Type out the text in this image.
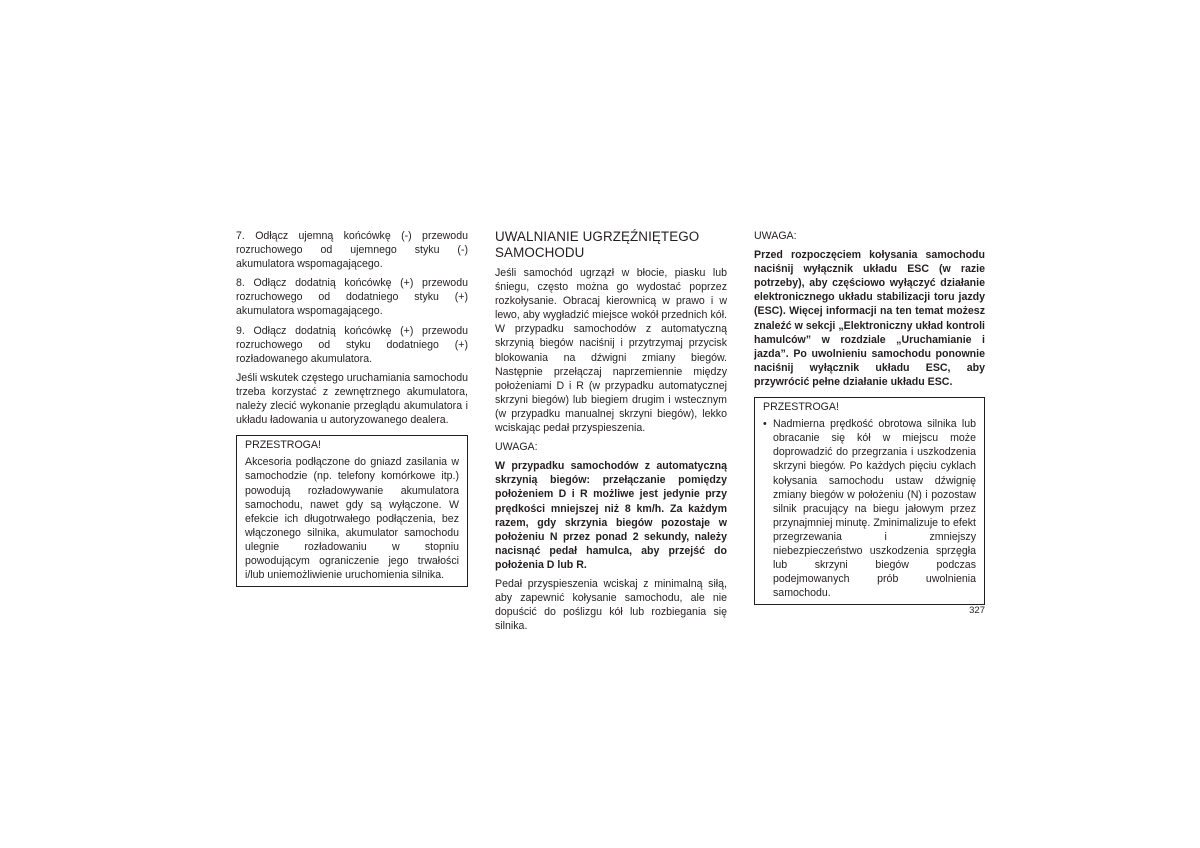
7. Odłącz ujemną końcówkę (-) przewodu rozruchowego od ujemnego styku (-) akumulatora wspomagającego.

8. Odłącz dodatnią końcówkę (+) przewodu rozruchowego od dodatniego styku (+) akumulatora wspomagającego.

9. Odłącz dodatnią końcówkę (+) przewodu rozruchowego od styku dodatniego (+) rozładowanego akumulatora.

Jeśli wskutek częstego uruchamiania samochodu trzeba korzystać z zewnętrznego akumulatora, należy zlecić wykonanie przeglądu akumulatora i układu ładowania u autoryzowanego dealera.

PRZESTROGA!

Akcesoria podłączone do gniazd zasilania w samochodzie (np. telefony komórkowe itp.) powodują rozładowywanie akumulatora samochodu, nawet gdy są wyłączone. W efekcie ich długotrwałego podłączenia, bez włączonego silnika, akumulator samochodu ulegnie rozładowaniu w stopniu powodującym ograniczenie jego trwałości i/lub uniemożliwienie uruchomienia silnika.

UWALNIANIE UGRZĘŹNIĘTEGO SAMOCHODU

Jeśli samochód ugrzązł w błocie, piasku lub śniegu, często można go wydostać poprzez rozkołysanie. Obracaj kierownicą w prawo i w lewo, aby wygładzić miejsce wokół przednich kół. W przypadku samochodów z automatyczną skrzynią biegów naciśnij i przytrzymaj przycisk blokowania na dźwigni zmiany biegów. Następnie przełączaj naprzemiennie między położeniami D i R (w przypadku automatycznej skrzyni biegów) lub biegiem drugim i wstecznym (w przypadku manualnej skrzyni biegów), lekko wciskając pedał przyspieszenia.

UWAGA:

W przypadku samochodów z automatyczną skrzynią biegów: przełączanie pomiędzy położeniem D i R możliwe jest jedynie przy prędkości mniejszej niż 8 km/h. Za każdym razem, gdy skrzynia biegów pozostaje w położeniu N przez ponad 2 sekundy, należy nacisnąć pedał hamulca, aby przejść do położenia D lub R.

Pedał przyspieszenia wciskaj z minimalną siłą, aby zapewnić kołysanie samochodu, ale nie dopuścić do poślizgu kół lub rozbiegania się silnika.

UWAGA:

Przed rozpoczęciem kołysania samochodu naciśnij wyłącznik układu ESC (w razie potrzeby), aby częściowo wyłączyć działanie elektronicznego układu stabilizacji toru jazdy (ESC). Więcej informacji na ten temat możesz znaleźć w sekcji „Elektroniczny układ kontroli hamulców” w rozdziale „Uruchamianie i jazda”. Po uwolnieniu samochodu ponownie naciśnij wyłącznik układu ESC, aby przywrócić pełne działanie układu ESC.

PRZESTROGA!

• Nadmierna prędkość obrotowa silnika lub obracanie się kół w miejscu może doprowadzić do przegrzania i uszkodzenia skrzyni biegów. Po każdych pięciu cyklach kołysania samochodu ustaw dźwignię zmiany biegów w położeniu (N) i pozostaw silnik pracujący na biegu jałowym przez przynajmniej minutę. Zminimalizuje to efekt przegrzewania i zmniejszy niebezpieczeństwo uszkodzenia sprzęgła lub skrzyni biegów podczas podejmowanych prób uwolnienia samochodu.
327
